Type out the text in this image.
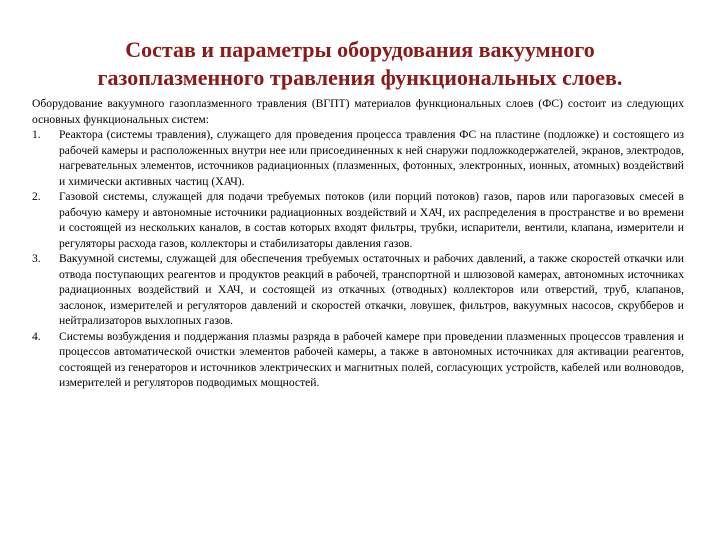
Состав и параметры оборудования вакуумного
газоплазменного травления функциональных слоев.

Оборудование вакуумного газоплазменного травления (ВГПТ) материалов функциональных слоев (ФС) состоит из следующих основных функциональных систем:

1. Реактора (системы травления), служащего для проведения процесса травления ФС на пластине (подложке) и состоящего из рабочей камеры и расположенных внутри нее или присоединенных к ней снаружи подложкодержателей, экранов, электродов, нагревательных элементов, источников радиационных (плазменных, фотонных, электронных, ионных, атомных) воздействий и химически активных частиц (ХАЧ).
2. Газовой системы, служащей для подачи требуемых потоков (или порций потоков) газов, паров или парогазовых смесей в рабочую камеру и автономные источники радиационных воздействий и ХАЧ, их распределения в пространстве и во времени и состоящей из нескольких каналов, в состав которых входят фильтры, трубки, испарители, вентили, клапана, измерители и регуляторы расхода газов, коллекторы и стабилизаторы давления газов.
3. Вакуумной системы, служащей для обеспечения требуемых остаточных и рабочих давлений, а также скоростей откачки или отвода поступающих реагентов и продуктов реакций в рабочей, транспортной и шлюзовой камерах, автономных источниках радиационных воздействий и ХАЧ, и состоящей из откачных (отводных) коллекторов или отверстий, труб, клапанов, заслонок, измерителей и регуляторов давлений и скоростей откачки, ловушек, фильтров, вакуумных насосов, скрубберов и нейтрализаторов выхлопных газов.
4. Системы возбуждения и поддержания плазмы разряда в рабочей камере при проведении плазменных процессов травления и процессов автоматической очистки элементов рабочей камеры, а также в автономных источниках для активации реагентов, состоящей из генераторов и источников электрических и магнитных полей, согласующих устройств, кабелей или волноводов, измерителей и регуляторов подводимых мощностей.
